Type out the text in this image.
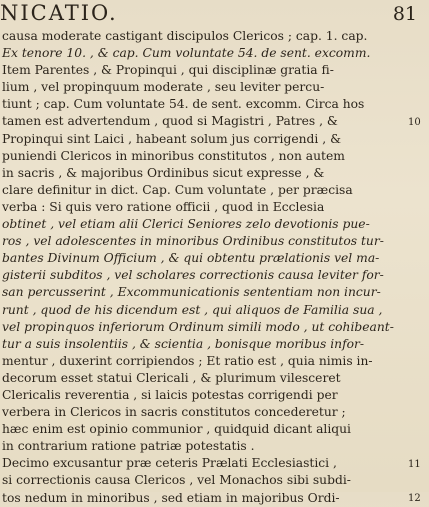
NICATIO.	81
causa moderate castigant discipulos Clericos ; cap. 1. cap.
Ex tenore 10. , & cap. Cum voluntate 54. de sent. excomm.
Item Parentes , & Propinqui , qui disciplinæ gratia fi-
lium , vel propinquum moderate , seu leviter percu-
tiunt ; cap. Cum voluntate 54. de sent. excomm. Circa hos
tamen est advertendum , quod si Magistri , Patres , &
Propinqui sint Laici , habeant solum jus corrigendi , &
puniendi Clericos in minoribus constitutos , non autem
in sacris , & majoribus Ordinibus sicut expresse , &
clare definitur in dict. Cap. Cum voluntate , per præcisa
verba : Si quis vero ratione officii , quod in Ecclesia
obtinet , vel etiam alii Clerici Seniores zelo devotionis pue-
ros , vel adolescentes in minoribus Ordinibus constitutos tur-
bantes Divinum Officium , & qui obtentu prælationis vel ma-
gisterii subditos , vel scholares correctionis causa leviter for-
san percusserint , Excommunicationis sententiam non incur-
runt , quod de his dicendum est , qui aliquos de Familia sua ,
vel propinquos inferiorum Ordinum simili modo , ut cohibeant-
tur a suis insolentiis , & scientia , bonisque moribus infor-
mentur , duxerint corripiendos ; Et ratio est , quia nimis in-
decorum esset statui Clericali , & plurimum vilesceret
Clericalis reverentia , si laicis potestas corrigendi per
verbera in Clericos in sacris constitutos concederetur ;
hæc enim est opinio communior , quidquid dicant aliqui
in contrarium ratione patriæ potestatis .
Decimo excusantur præ ceteris Prælati Ecclesiastici ,
si correctionis causa Clericos , vel Monachos sibi subdi-
tos nedum in minoribus , sed etiam in majoribus Ordi-
10
11
12
